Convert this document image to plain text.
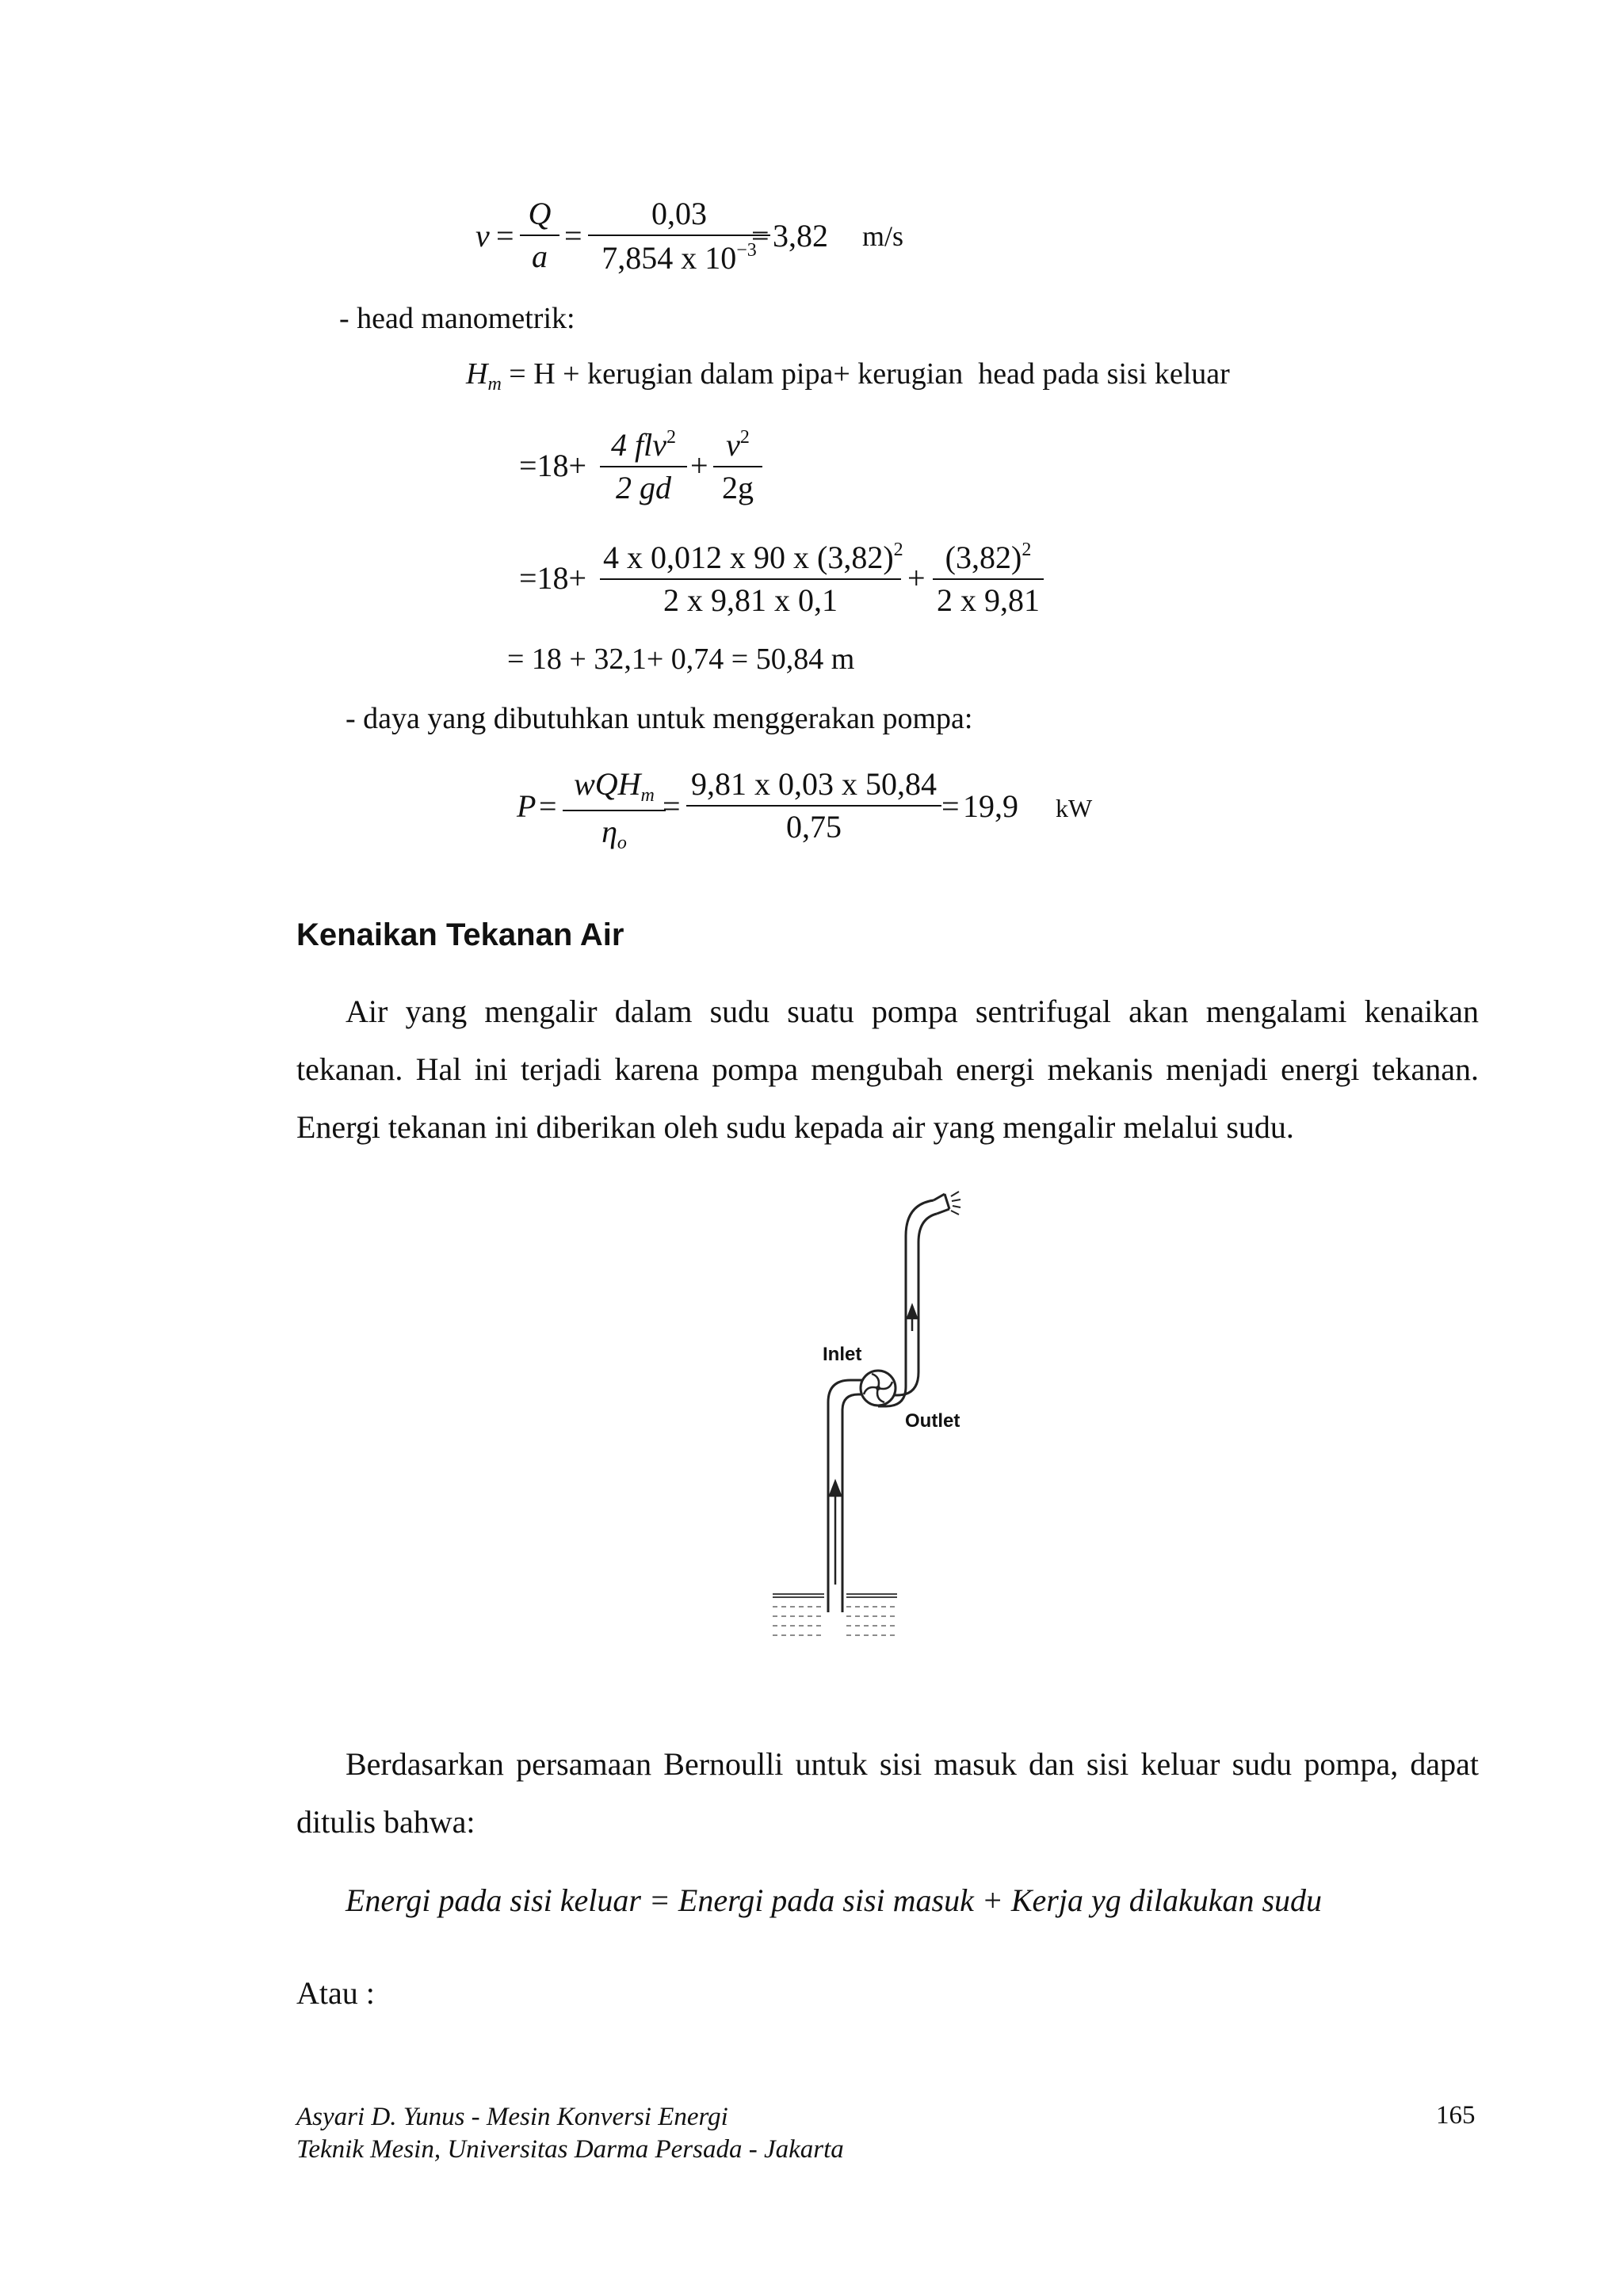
v =
Q
a
=
0,03
7,854 x $10^{-3}$
= 3,82 m/s
- head manometrik:
$H_m = H$ + kerugian dalam pipa+ kerugian  head pada sisi keluar
=18+
4 flv$^2$
2 gd
+
$v^2$
2g
=18+
4 x 0,012 x 90 x $(3,82)^2$
2 x 9,81 x 0,1
+
$(3,82)^2$
2 x 9,81
= 18 + 32,1+ 0,74 = 50,84 m
- daya yang dibutuhkan untuk menggerakan pompa:
P =
wQH$_m$
$\eta_o$
=
9,81 x 0,03 x 50,84
0,75
= 19,9 kW
Kenaikan Tekanan Air
Air yang mengalir dalam sudu suatu pompa sentrifugal akan mengalami kenaikan tekanan. Hal ini terjadi karena pompa mengubah energi mekanis menjadi energi tekanan. Energi tekanan ini diberikan oleh sudu kepada air yang mengalir melalui sudu.
Inlet
Outlet
Berdasarkan persamaan Bernoulli untuk sisi masuk dan sisi keluar sudu pompa, dapat ditulis bahwa:
Energi pada sisi keluar = Energi pada sisi masuk + Kerja yg dilakukan sudu
Atau :
Asyari D. Yunus - Mesin Konversi Energi
Teknik Mesin, Universitas Darma Persada - Jakarta
165
